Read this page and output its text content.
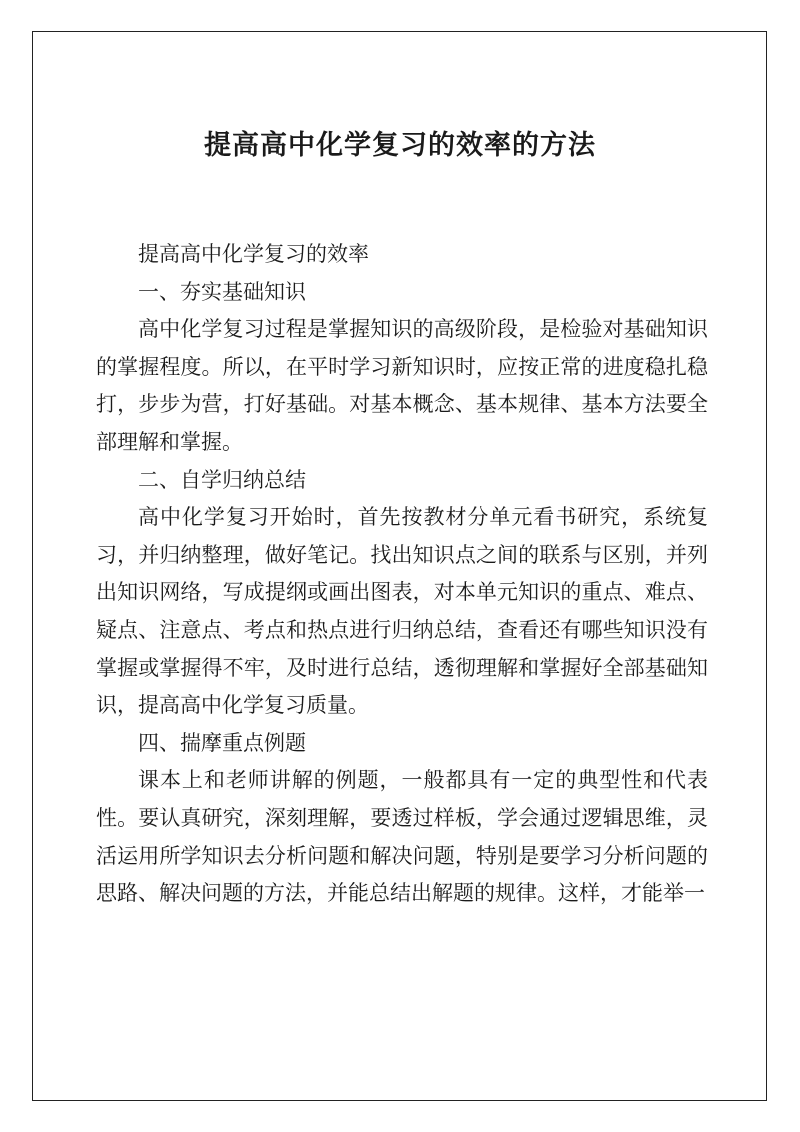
提高高中化学复习的效率的方法

提高高中化学复习的效率

一、夯实基础知识

高中化学复习过程是掌握知识的高级阶段，是检验对基础知识的掌握程度。所以，在平时学习新知识时，应按正常的进度稳扎稳打，步步为营，打好基础。对基本概念、基本规律、基本方法要全部理解和掌握。

二、自学归纳总结

高中化学复习开始时，首先按教材分单元看书研究，系统复习，并归纳整理，做好笔记。找出知识点之间的联系与区别，并列出知识网络，写成提纲或画出图表，对本单元知识的重点、难点、疑点、注意点、考点和热点进行归纳总结，查看还有哪些知识没有掌握或掌握得不牢，及时进行总结，透彻理解和掌握好全部基础知识，提高高中化学复习质量。

四、揣摩重点例题

课本上和老师讲解的例题，一般都具有一定的典型性和代表性。要认真研究，深刻理解，要透过样板，学会通过逻辑思维，灵活运用所学知识去分析问题和解决问题，特别是要学习分析问题的思路、解决问题的方法，并能总结出解题的规律。这样，才能举一
